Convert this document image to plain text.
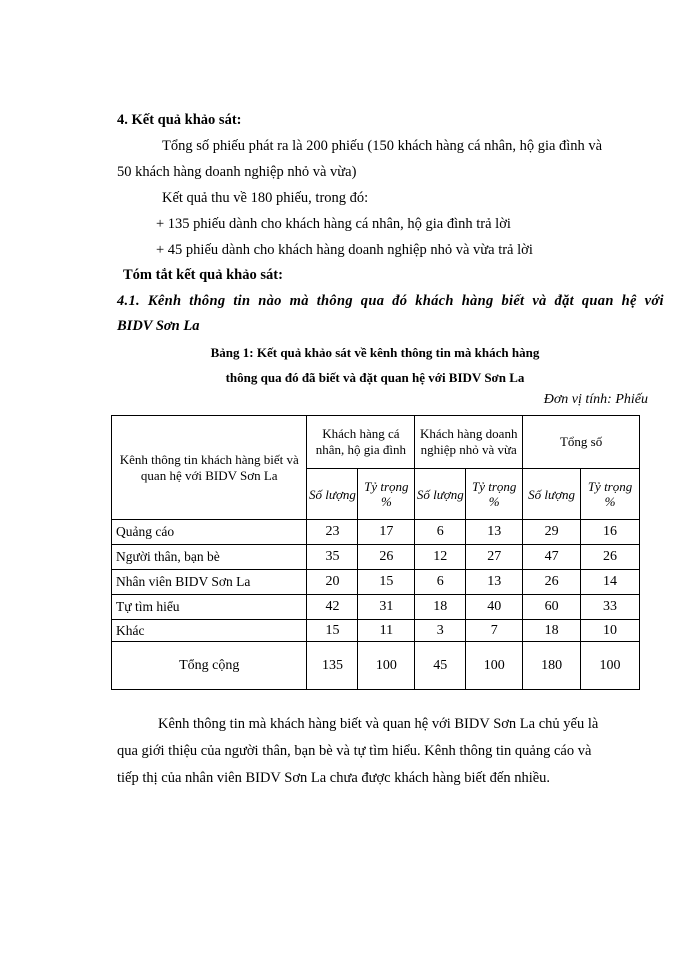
4. Kết quả khảo sát:
Tổng số phiếu phát ra là 200 phiếu (150 khách hàng cá nhân, hộ gia đình và
50 khách hàng doanh nghiệp nhỏ và vừa)
Kết quả thu về 180 phiếu, trong đó:
+ 135 phiếu dành cho khách hàng cá nhân, hộ gia đình trả lời
+ 45 phiếu dành cho khách hàng doanh nghiệp nhỏ và vừa trả lời
Tóm tắt kết quả khảo sát:
4.1. Kênh thông tin nào mà thông qua đó khách hàng biết và đặt quan hệ với
BIDV Sơn La
Bảng 1: Kết quả khảo sát về kênh thông tin mà khách hàng
thông qua đó đã biết và đặt quan hệ với BIDV Sơn La
Đơn vị tính: Phiếu
Kênh thông tin khách hàng biết và quan hệ với BIDV Sơn La	Khách hàng cá nhân, hộ gia đình		Khách hàng doanh nghiệp nhỏ và vừa		Tổng số	
	Số lượng	Tỷ trọng %	Số lượng	Tỷ trọng %	Số lượng	Tỷ trọng %
Quảng cáo	23	17	6	13	29	16
Người thân, bạn bè	35	26	12	27	47	26
Nhân viên BIDV Sơn La	20	15	6	13	26	14
Tự tìm hiểu	42	31	18	40	60	33
Khác	15	11	3	7	18	10
Tổng cộng	135	100	45	100	180	100
Kênh thông tin mà khách hàng biết và quan hệ với BIDV Sơn La chủ yếu là
qua giới thiệu của người thân, bạn bè và tự tìm hiểu. Kênh thông tin quảng cáo và
tiếp thị của nhân viên BIDV Sơn La chưa được khách hàng biết đến nhiều.
